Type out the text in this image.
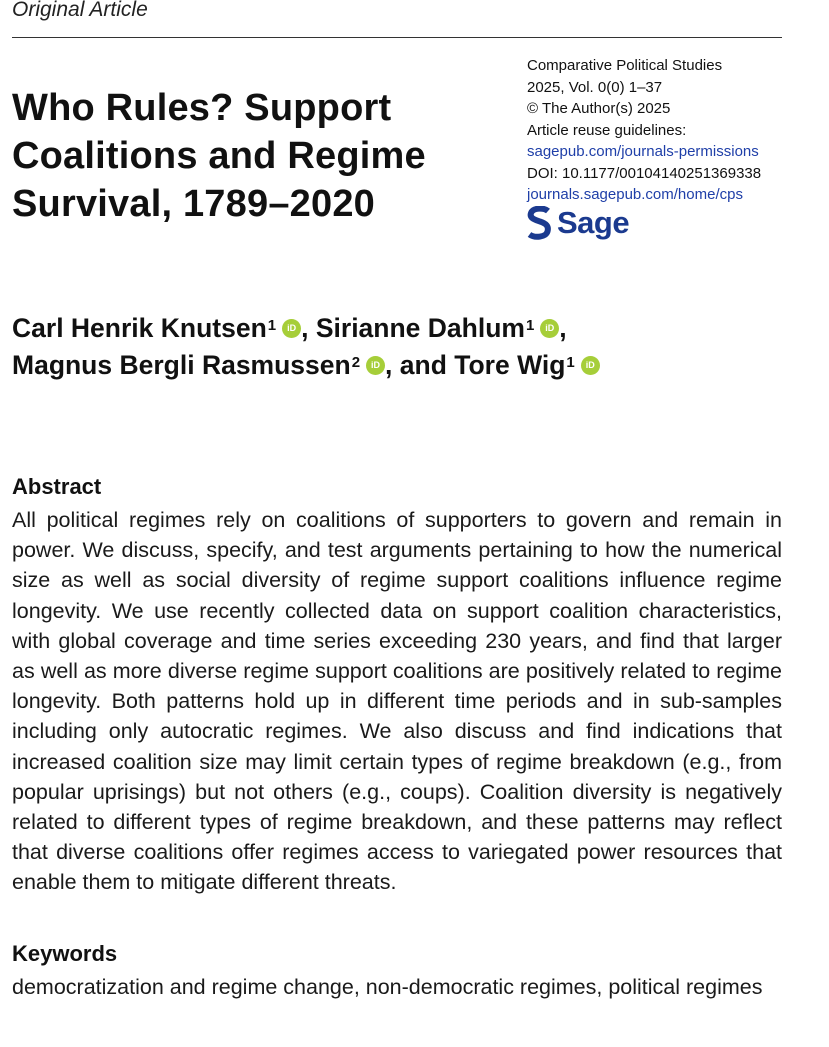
Original Article
Who Rules? Support Coalitions and Regime Survival, 1789–2020
Comparative Political Studies
2025, Vol. 0(0) 1–37
© The Author(s) 2025
Article reuse guidelines:
sagepub.com/journals-permissions
DOI: 10.1177/00104140251369338
journals.sagepub.com/home/cps
Sage

Carl Henrik Knutsen$^1$ iD , Sirianne Dahlum$^1$ iD ,
Magnus Bergli Rasmussen$^2$ iD , and Tore Wig$^1$ iD

Abstract

All political regimes rely on coalitions of supporters to govern and remain in power. We discuss, specify, and test arguments pertaining to how the numerical size as well as social diversity of regime support coalitions influence regime longevity. We use recently collected data on support coalition characteristics, with global coverage and time series exceeding 230 years, and find that larger as well as more diverse regime support coalitions are positively related to regime longevity. Both patterns hold up in different time periods and in sub-samples including only autocratic regimes. We also discuss and find indications that increased coalition size may limit certain types of regime breakdown (e.g., from popular uprisings) but not others (e.g., coups). Coalition diversity is negatively related to different types of regime breakdown, and these patterns may reflect that diverse coalitions offer regimes access to variegated power resources that enable them to mitigate different threats.

Keywords

democratization and regime change, non-democratic regimes, political regimes
